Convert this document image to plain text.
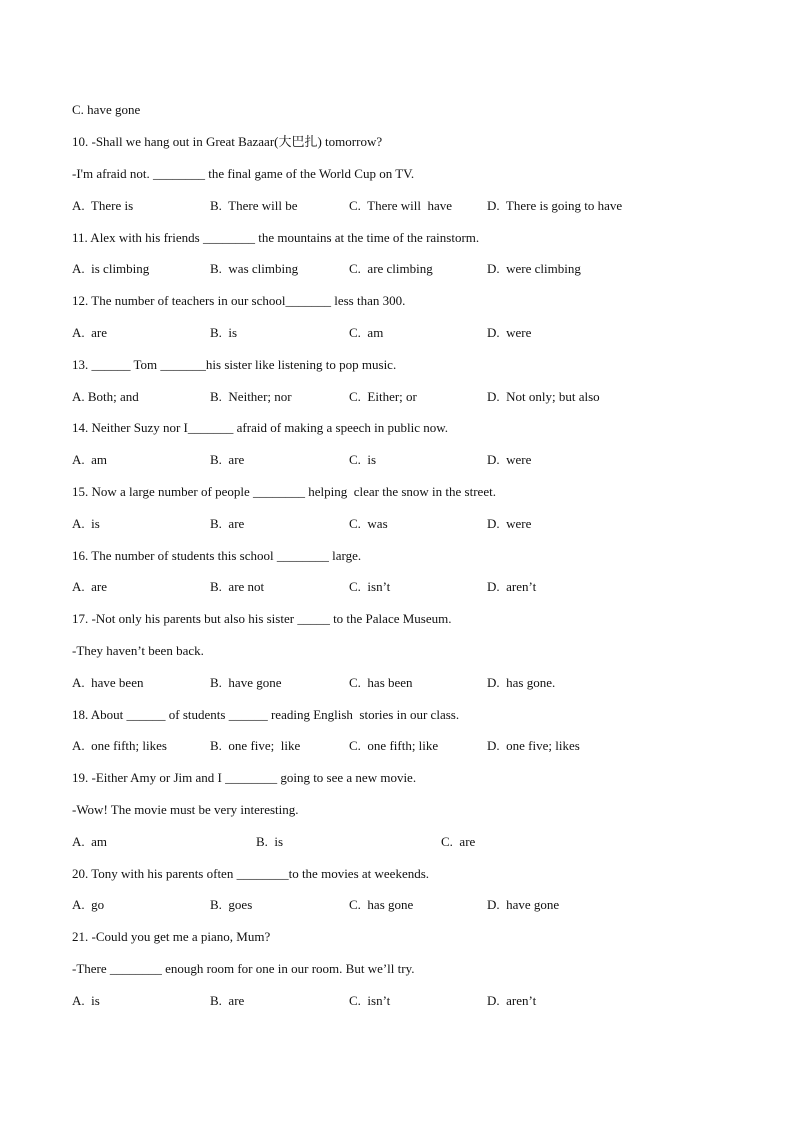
C. have gone
10. -Shall we hang out in Great Bazaar(大巴扎) tomorrow?
-I'm afraid not. ________ the final game of the World Cup on TV.
A.  There is	B.  There will be	C.  There will  have	D.  There is going to have
11. Alex with his friends ________ the mountains at the time of the rainstorm.
A.  is climbing	B.  was climbing	C.  are climbing	D.  were climbing
12. The number of teachers in our school_______ less than 300.
A.  are	B.  is	C.  am	D.  were
13. ______ Tom _______his sister like listening to pop music.
A. Both; and	B.  Neither; nor	C.  Either; or	D.  Not only; but also
14. Neither Suzy nor I_______ afraid of making a speech in public now.
A.  am	B.  are	C.  is	D.  were
15. Now a large number of people ________ helping  clear the snow in the street.
A.  is	B.  are	C.  was	D.  were
16. The number of students this school ________ large.
A.  are	B.  are not	C.  isn’t	D.  aren’t
17. -Not only his parents but also his sister _____ to the Palace Museum.
-They haven’t been back.
A.  have been	B.  have gone	C.  has been	D.  has gone.
18. About ______ of students ______ reading English  stories in our class.
A.  one fifth; likes	B.  one five;  like	C.  one fifth; like	D.  one five; likes
19. -Either Amy or Jim and I ________ going to see a new movie.
-Wow! The movie must be very interesting.
A.  am	B.  is	C.  are
20. Tony with his parents often ________to the movies at weekends.
A.  go	B.  goes	C.  has gone	D.  have gone
21. -Could you get me a piano, Mum?
-There ________ enough room for one in our room. But we’ll try.
A.  is	B.  are	C.  isn’t	D.  aren’t
